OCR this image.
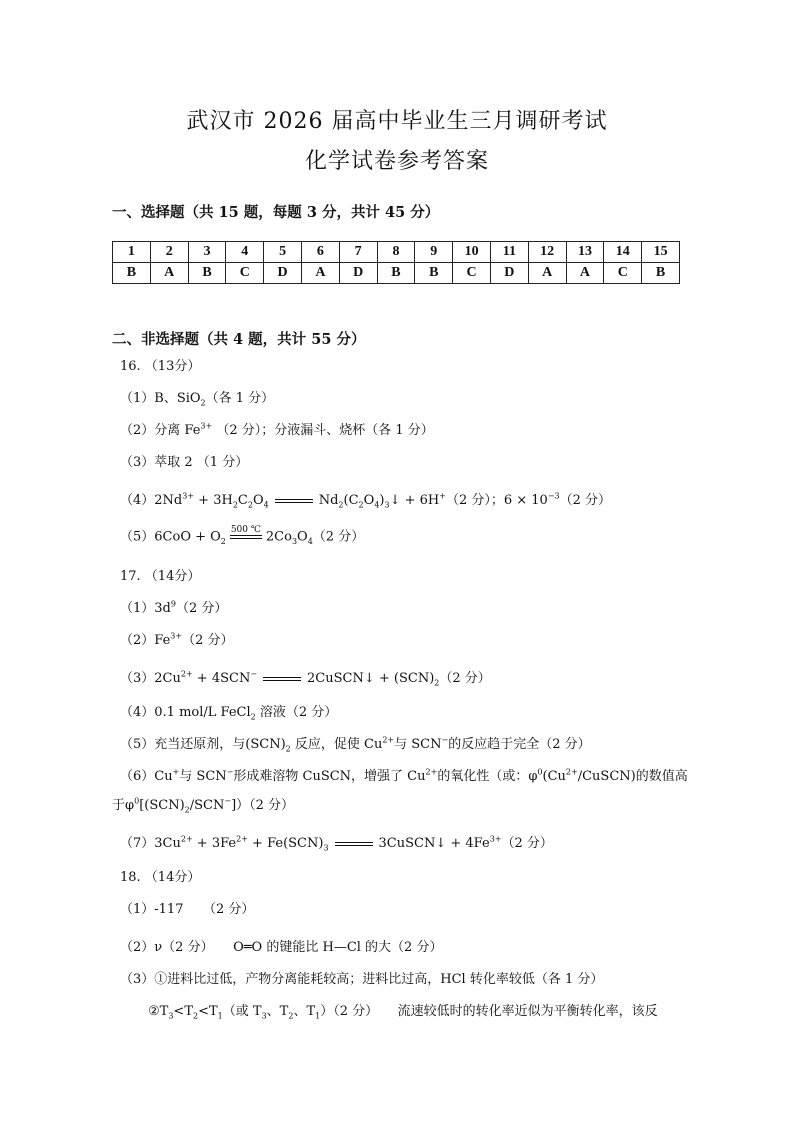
武汉市 2026 届高中毕业生三月调研考试
化学试卷参考答案
一、选择题（共 15 题，每题 3 分，共计 45 分）
1	2	3	4	5	6	7	8	9	10	11	12	13	14	15
B	A	B	C	D	A	D	B	B	C	D	A	A	C	B
二、非选择题（共 4 题，共计 55 分）
16. （13分）
（1）B、SiO$_2$（各 1 分）
（2）分离 $Fe^{3+}$ （2 分）；分液漏斗、烧杯（各 1 分）
（3）萃取 2 （1 分）
$(4)2Nd^{3+} + 3H_2C_2O_4$	$Nd_2(C_2O_4)_3↓ + 6H^+(2$ 分）；$6 \times 10^{-3}(2$ 分）
$(5)6CoO + O_2500$ ℃ $2Co_3O_4(2$ 分）
17. （14分）
$(1)3d^9(2$ 分）
$(2)Fe^{3+}(2$ 分）
$(3)2Cu^{2+} + 4SCN^-$	2CuSCN↓ + $(SCN)_2(2$ 分）
（4）0.1 mol/L FeCl$_2$ 溶液（2 分）
（5）充当还原剂，与$(SCN)_2$ 反应，促使 $Cu^{2+}$与 SCN−的反应趋于完全（2 分）
（6）Cu+与 SCN−形成难溶物 CuSCN，增强了 $Cu^{2+}$的氧化性（或：$\varphi^0(Cu^{2+}/CuSCN)$的数值高
于$\varphi^0[(SCN)_2/SCN^-])(2$ 分）
$(7)3Cu^{2+} + 3Fe^{2+} + Fe(SCN)_3$	3CuSCN↓ + $4Fe^{3+}(2$ 分）
18. （14分）
（1）-117　　（2 分）
（2）ν（2 分）　　O═O 的键能比 H—Cl 的大（2 分）
（3）①进料比过低，产物分离能耗较高；进料比过高，HCl 转化率较低（各 1 分）
$②T_3<T_2<T_1$（或 $T_3$、$T_2$、$T_1)(2$ 分）　　流速较低时的转化率近似为平衡转化率，该反
